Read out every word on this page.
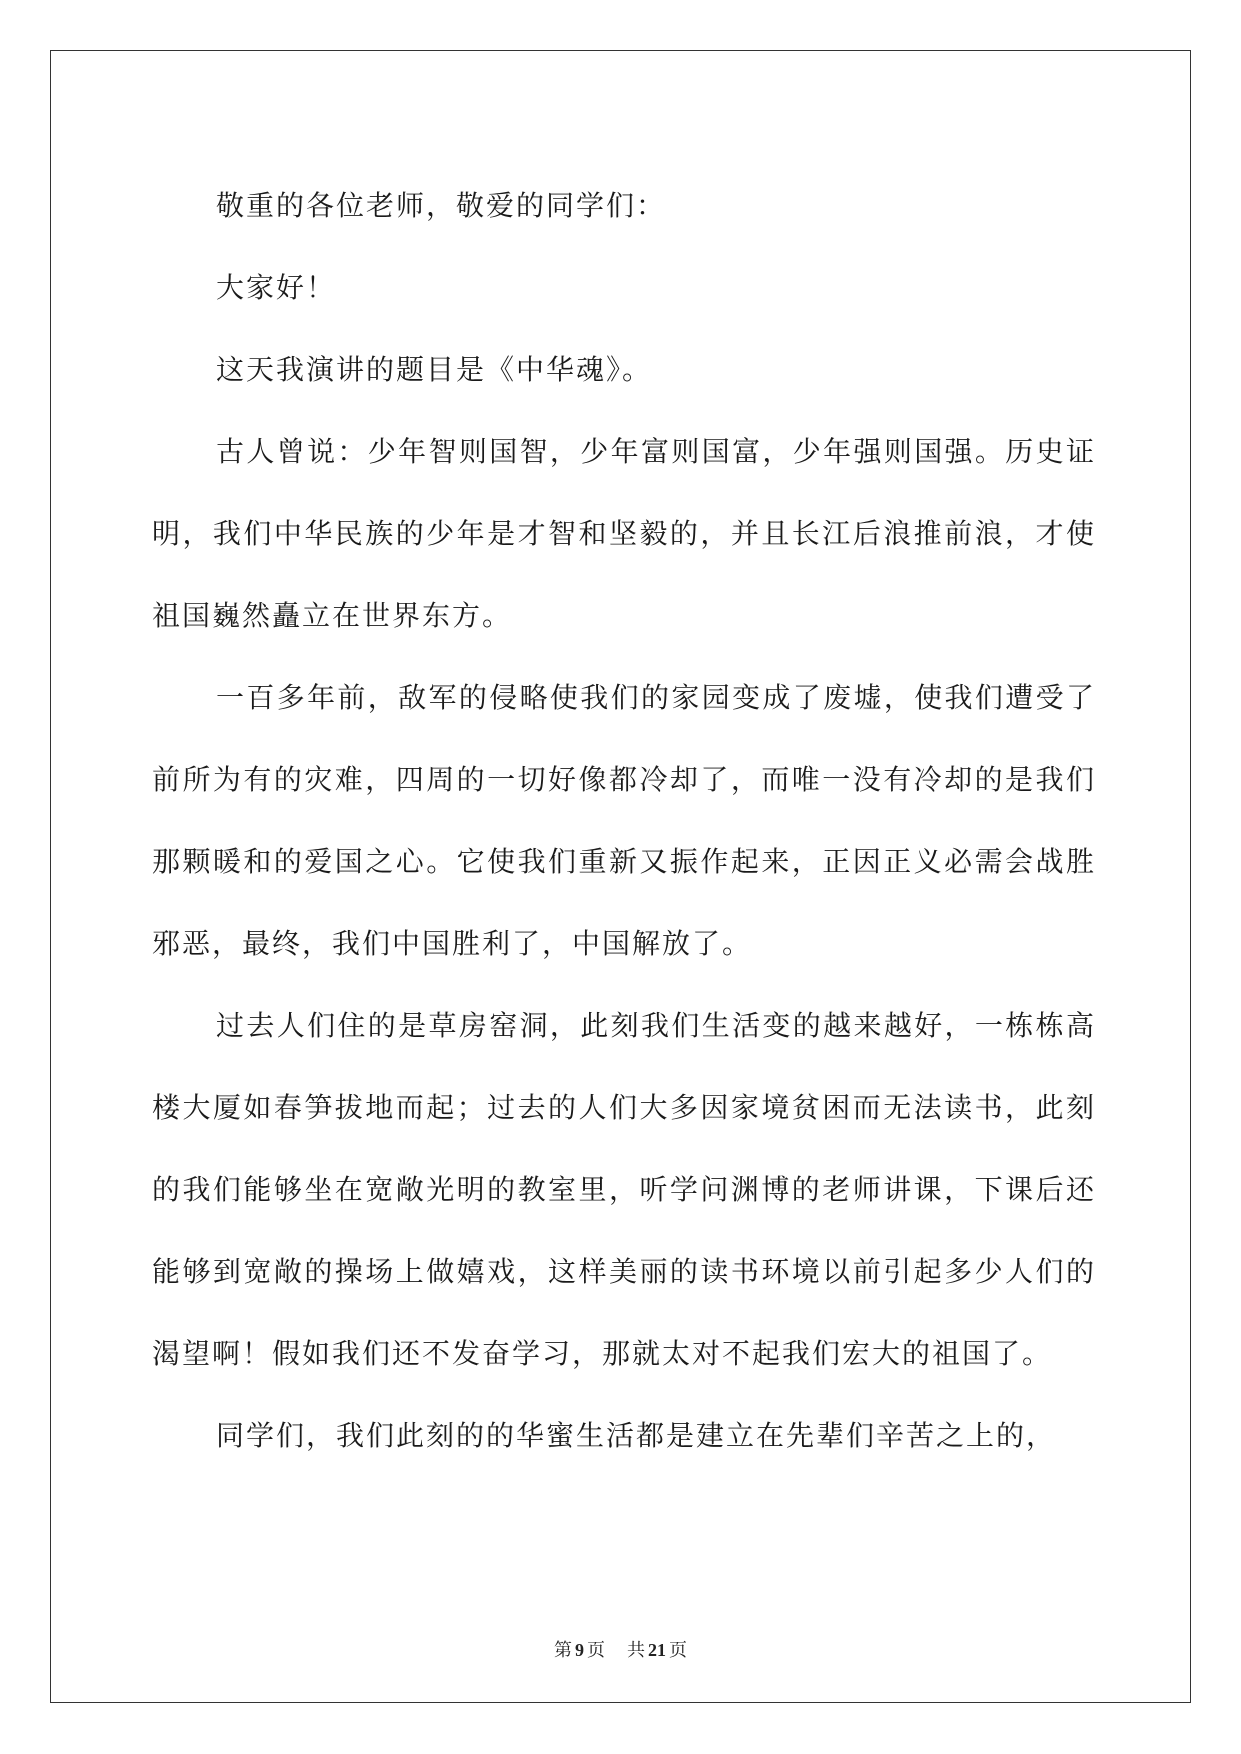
敬重的各位老师，敬爱的同学们：

大家好！

这天我演讲的题目是《中华魂》。

古人曾说：少年智则国智，少年富则国富，少年强则国强。历史证明，我们中华民族的少年是才智和坚毅的，并且长江后浪推前浪，才使祖国巍然矗立在世界东方。

一百多年前，敌军的侵略使我们的家园变成了废墟，使我们遭受了前所为有的灾难，四周的一切好像都冷却了，而唯一没有冷却的是我们那颗暖和的爱国之心。它使我们重新又振作起来，正因正义必需会战胜邪恶，最终，我们中国胜利了，中国解放了。

过去人们住的是草房窑洞，此刻我们生活变的越来越好，一栋栋高楼大厦如春笋拔地而起；过去的人们大多因家境贫困而无法读书，此刻的我们能够坐在宽敞光明的教室里，听学问渊博的老师讲课，下课后还能够到宽敞的操场上做嬉戏，这样美丽的读书环境以前引起多少人们的渴望啊！假如我们还不发奋学习，那就太对不起我们宏大的祖国了。

同学们，我们此刻的的华蜜生活都是建立在先辈们辛苦之上的，

第 9 页 共 21 页
